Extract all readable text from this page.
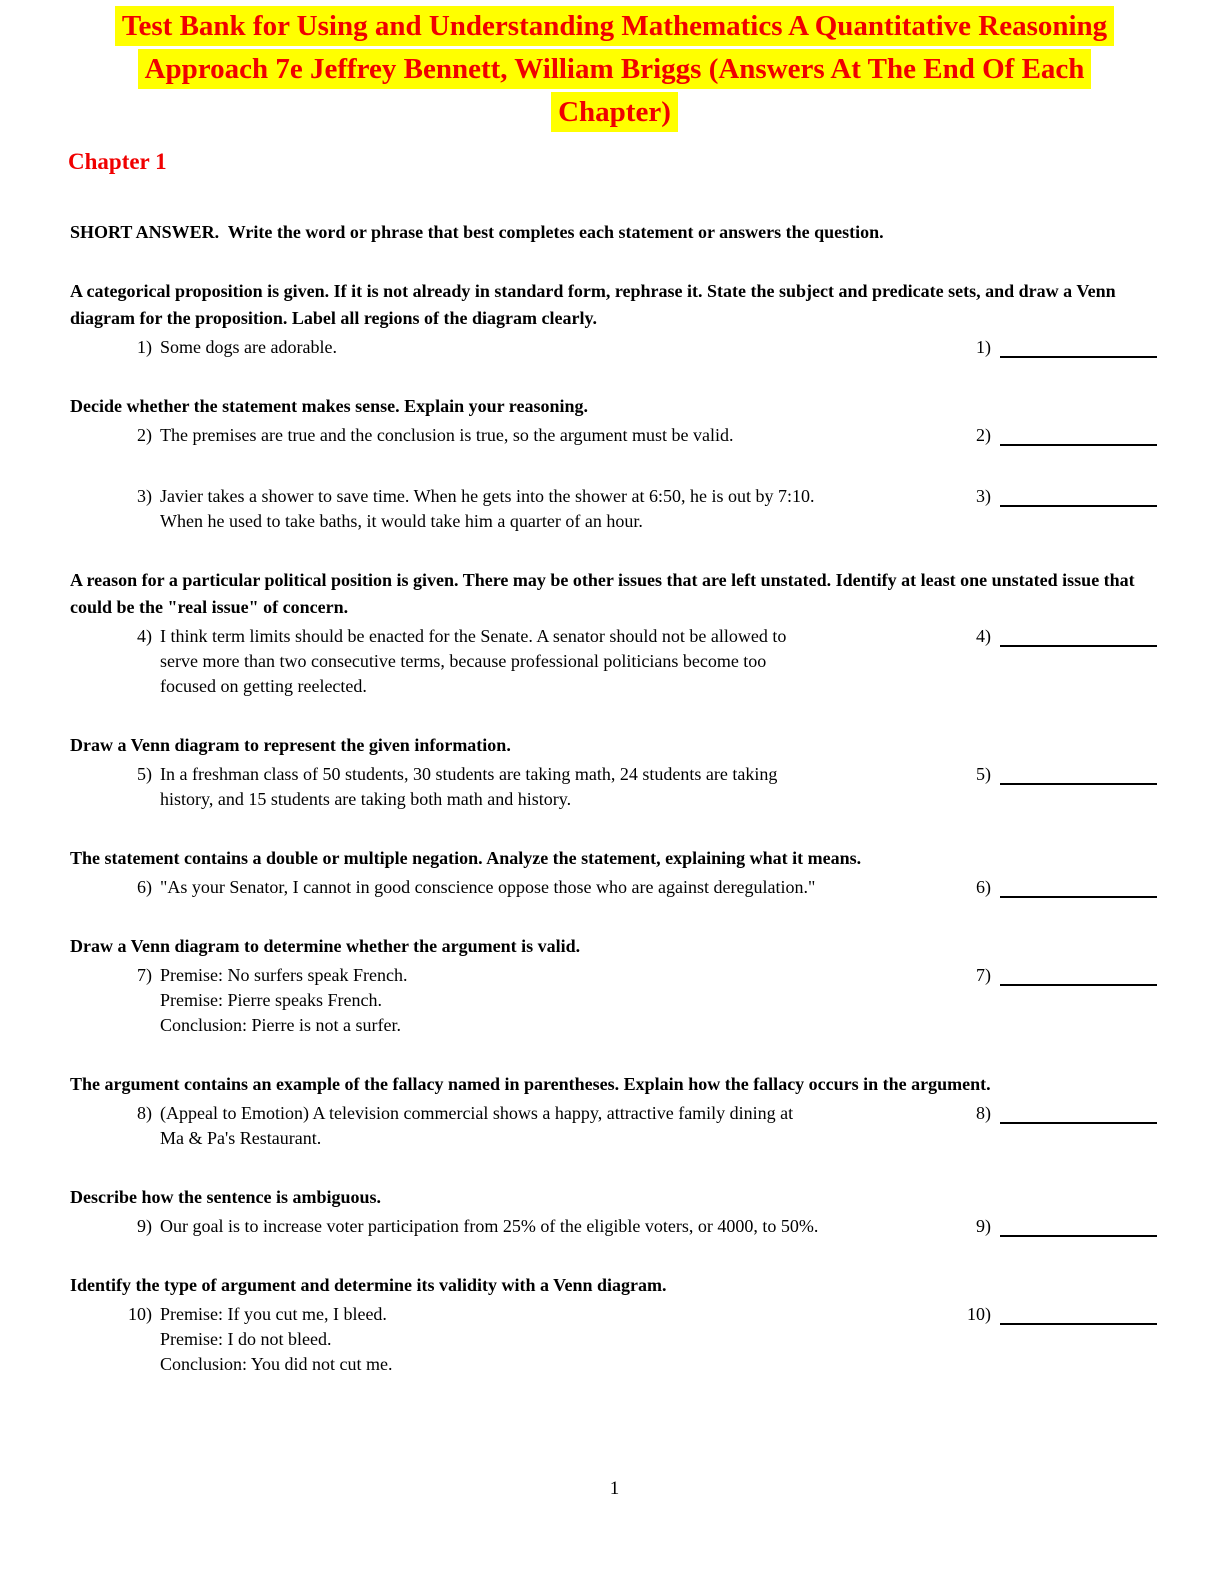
Test Bank for Using and Understanding Mathematics A Quantitative Reasoning
Approach 7e Jeffrey Bennett, William Briggs (Answers At The End Of Each
Chapter)
Chapter 1
SHORT ANSWER.  Write the word or phrase that best completes each statement or answers the question.
A categorical proposition is given. If it is not already in standard form, rephrase it. State the subject and predicate sets, and draw a Venn diagram for the proposition. Label all regions of the diagram clearly.
1) Some dogs are adorable.	1)
Decide whether the statement makes sense. Explain your reasoning.
2) The premises are true and the conclusion is true, so the argument must be valid.	2)
3) Javier takes a shower to save time. When he gets into the shower at 6:50, he is out by 7:10.
When he used to take baths, it would take him a quarter of an hour.
3)
A reason for a particular political position is given. There may be other issues that are left unstated. Identify at least one unstated issue that could be the "real issue" of concern.
4) I think term limits should be enacted for the Senate. A senator should not be allowed to
serve more than two consecutive terms, because professional politicians become too
focused on getting reelected.
4)
Draw a Venn diagram to represent the given information.
5) In a freshman class of 50 students, 30 students are taking math, 24 students are taking
history, and 15 students are taking both math and history.
5)
The statement contains a double or multiple negation. Analyze the statement, explaining what it means.
6) "As your Senator, I cannot in good conscience oppose those who are against deregulation."	6)
Draw a Venn diagram to determine whether the argument is valid.
7) Premise: No surfers speak French.
Premise: Pierre speaks French.
Conclusion: Pierre is not a surfer.
7)
The argument contains an example of the fallacy named in parentheses. Explain how the fallacy occurs in the argument.
8) (Appeal to Emotion) A television commercial shows a happy, attractive family dining at
Ma & Pa's Restaurant.
8)
Describe how the sentence is ambiguous.
9) Our goal is to increase voter participation from 25% of the eligible voters, or 4000, to 50%.	9)
Identify the type of argument and determine its validity with a Venn diagram.
10) Premise: If you cut me, I bleed.
Premise: I do not bleed.
Conclusion: You did not cut me.
10)
1
